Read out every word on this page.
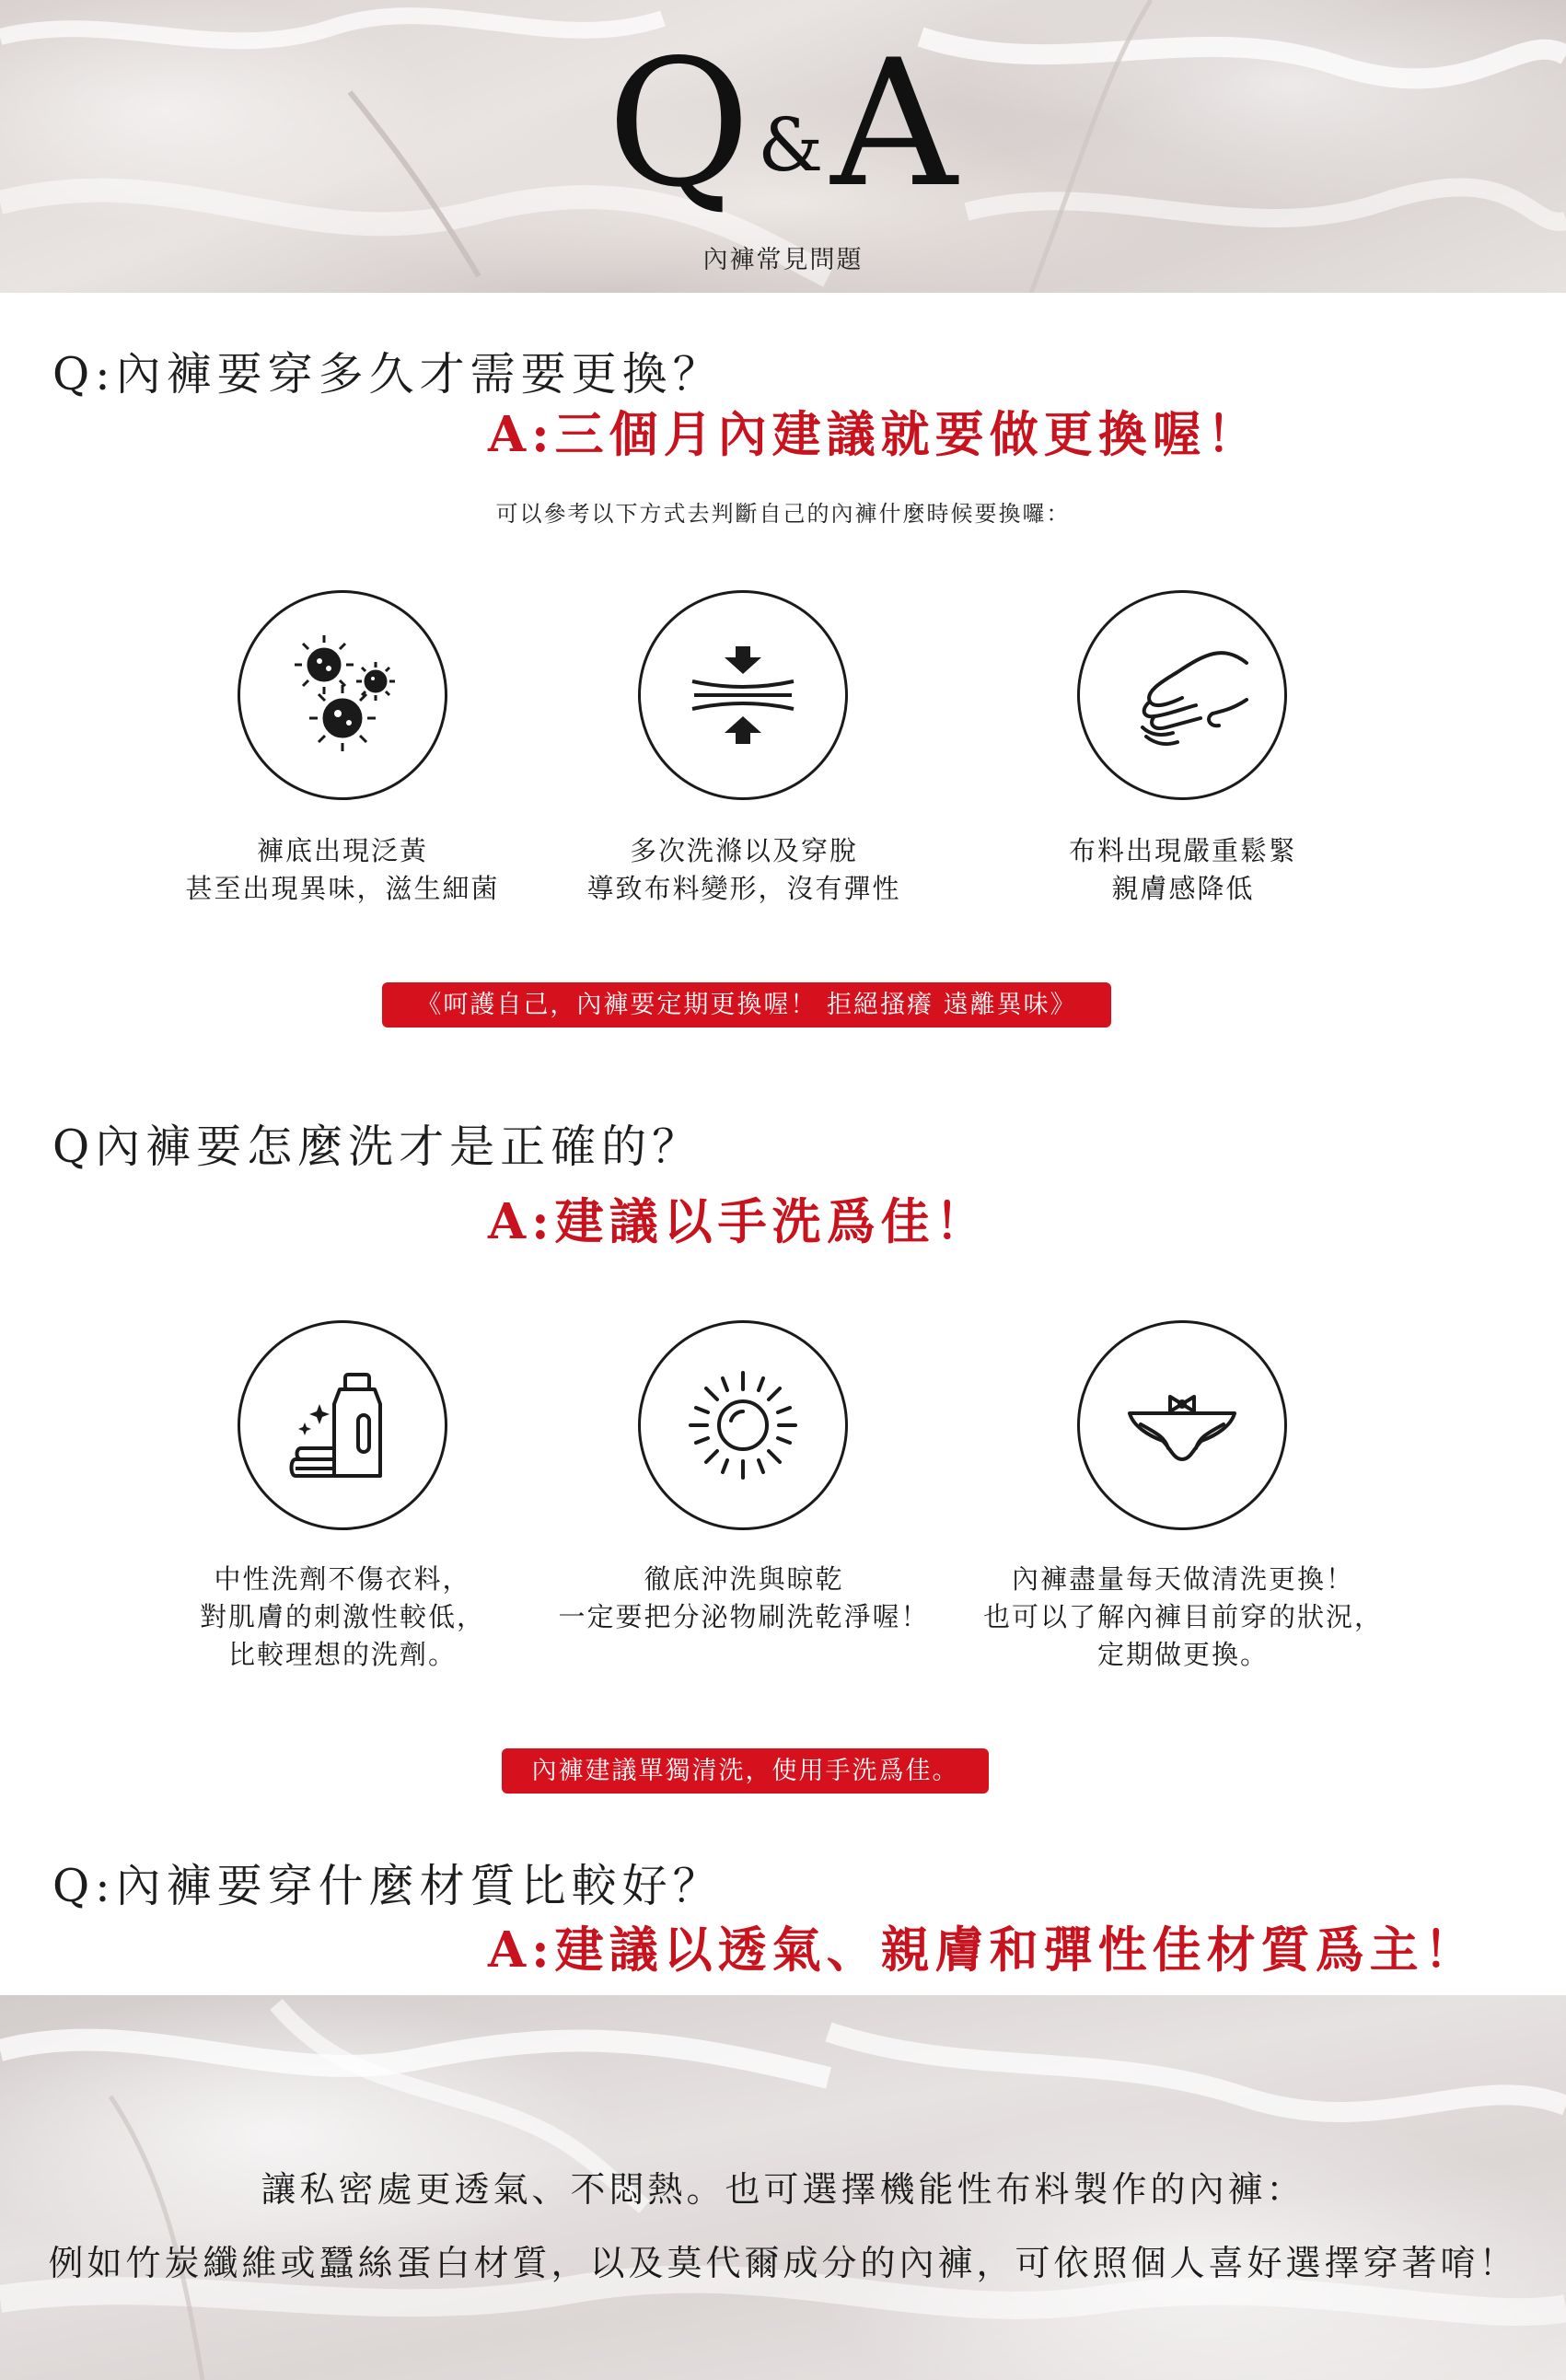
Q&A
內褲常見問題
Q:內褲要穿多久才需要更換？
A:三個月內建議就要做更換喔！
可以參考以下方式去判斷自己的內褲什麼時候要換囉：
褲底出現泛黃
甚至出現異味，滋生細菌
多次洗滌以及穿脫
導致布料變形，沒有彈性
布料出現嚴重鬆緊
親膚感降低
《呵護自己，內褲要定期更換喔！ 拒絕搔癢 遠離異味》
Q內褲要怎麼洗才是正確的？
A:建議以手洗爲佳！
中性洗劑不傷衣料，
對肌膚的刺激性較低，
比較理想的洗劑。
徹底沖洗與晾乾
一定要把分泌物刷洗乾淨喔！
內褲盡量每天做清洗更換！
也可以了解內褲目前穿的狀況，
定期做更換。
內褲建議單獨清洗，使用手洗爲佳。
Q:內褲要穿什麼材質比較好？
A:建議以透氣、親膚和彈性佳材質爲主！
讓私密處更透氣、不悶熱。也可選擇機能性布料製作的內褲：
例如竹炭纖維或蠶絲蛋白材質，以及莫代爾成分的內褲，可依照個人喜好選擇穿著唷！
